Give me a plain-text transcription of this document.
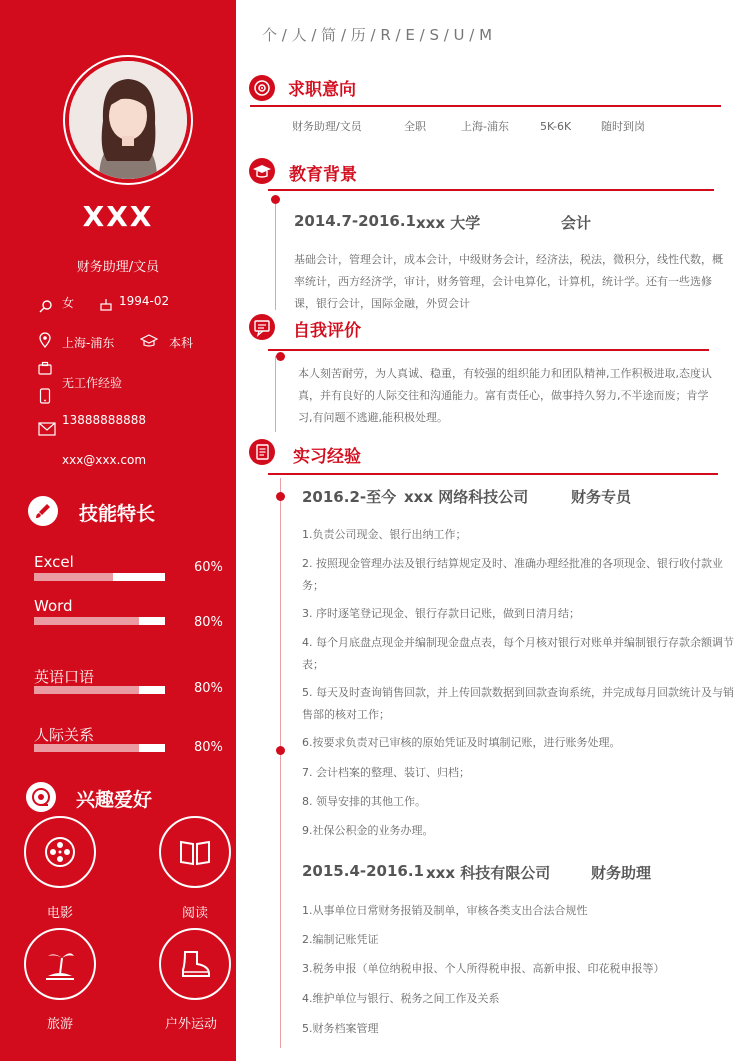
XXX
财务助理/文员
女	1994-02
上海-浦东	本科
无工作经验
13888888888
xxx@xxx.com
技能特长
Excel	60%
Word
80%
英语口语
80%
人际关系
80%
兴趣爱好
电影	阅读
旅游	户外运动
个 / 人 / 简 / 历 / R / E / S / U / M
求职意向
财务助理/文员	全职	上海-浦东	5K-6K	随时到岗
教育背景
2014.7-2016.1 xxx 大学	会计
基础会计，管理会计，成本会计，中级财务会计，经济法，税法，微积分，线性代数，概率统计，西方经济学，审计，财务管理，会计电算化，计算机，统计学。还有一些选修课，银行会计，国际金融，外贸会计
自我评价
本人刻苦耐劳，为人真诚、稳重，有较强的组织能力和团队精神,工作积极进取,态度认真，并有良好的人际交往和沟通能力。富有责任心，做事持久努力,不半途而废；肯学习,有问题不逃避,能积极处理。
实习经验
2016.2-至今 xxx 网络科技公司	财务专员
1.负责公司现金、银行出纳工作；
2. 按照现金管理办法及银行结算规定及时、准确办理经批准的各项现金、银行收付款业务；
3. 序时逐笔登记现金、银行存款日记账，做到日清月结；
4. 每个月底盘点现金并编制现金盘点表，每个月核对银行对账单并编制银行存款余额调节表；
5. 每天及时查询销售回款，并上传回款数据到回款查询系统，并完成每月回款统计及与销售部的核对工作；
6.按要求负责对已审核的原始凭证及时填制记账，进行账务处理。
7. 会计档案的整理、装订、归档；
8. 领导安排的其他工作。
9.社保公积金的业务办理。
2015.4-2016.1 xxx 科技有限公司	财务助理
1.从事单位日常财务报销及制单，审核各类支出合法合规性
2.编制记账凭证
3.税务申报（单位纳税申报、个人所得税申报、高新申报、印花税申报等）
4.维护单位与银行、税务之间工作及关系
5.财务档案管理
